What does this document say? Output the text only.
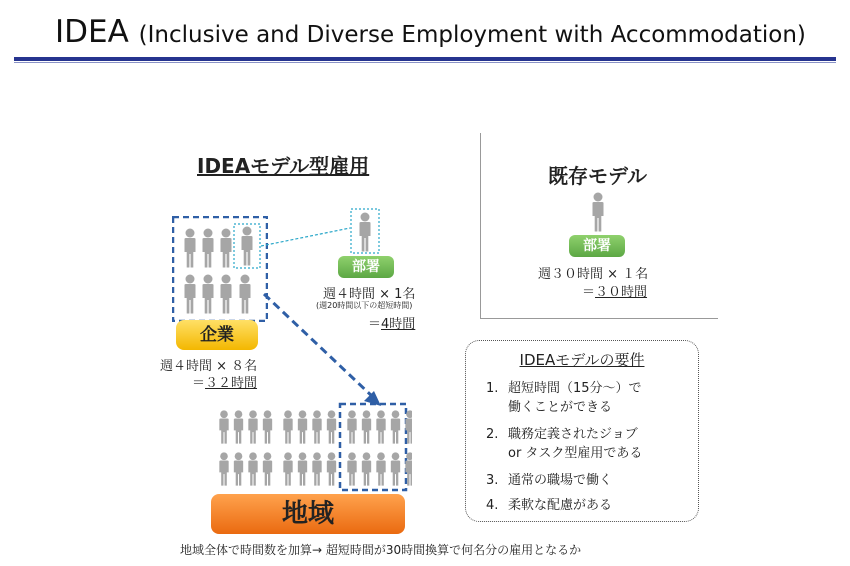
IDEA (Inclusive and Diverse Employment with Accommodation)
IDEAモデル型雇用
部署
週４時間 × 1名
(週20時間以下の超短時間)
＝4時間
企業
週４時間 × ８名
＝３２時間
地域
既存モデル
部署
週３０時間 × １名
＝３０時間
IDEAモデルの要件
1. 超短時間（15分〜）で
働くことができる
2. 職務定義されたジョブ
or タスク型雇用である
3. 通常の職場で働く
4. 柔軟な配慮がある
地域全体で時間数を加算→ 超短時間が30時間換算で何名分の雇用となるか
